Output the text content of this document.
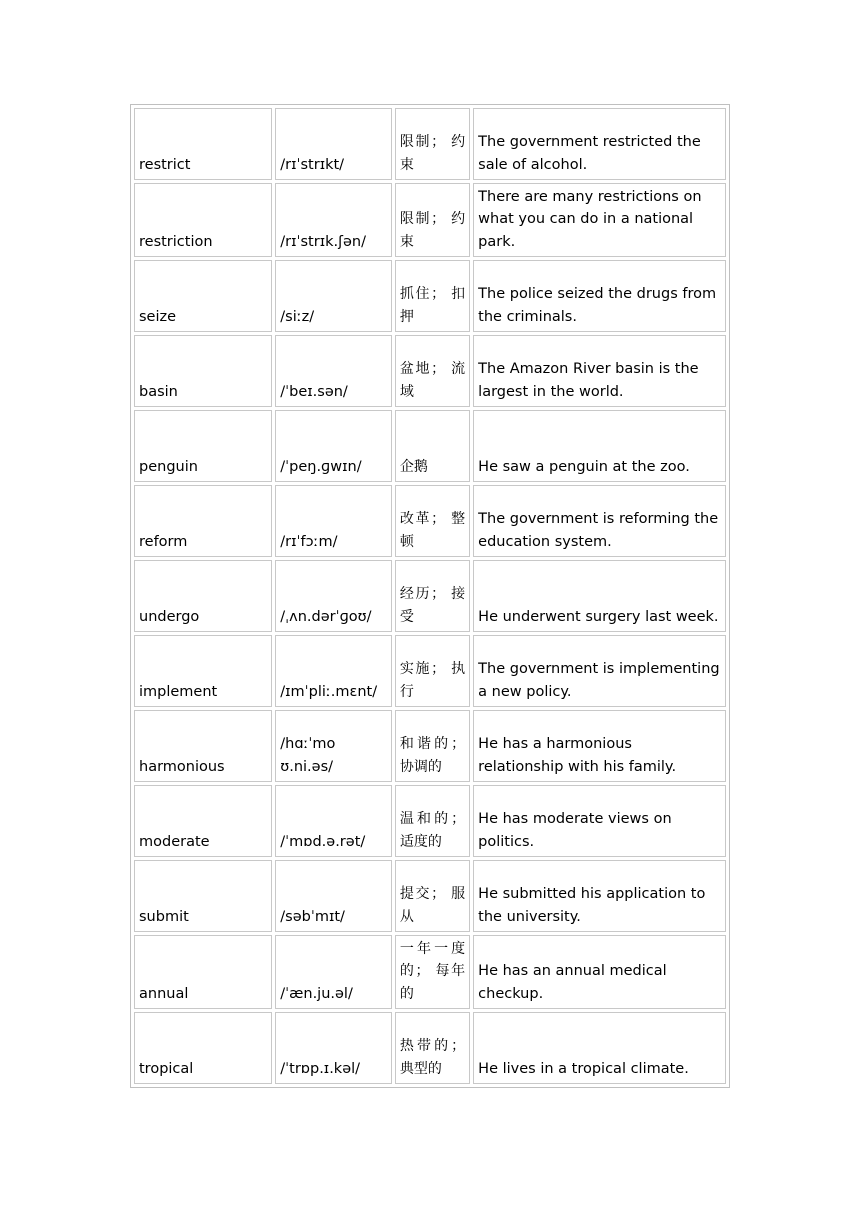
restrict	/rɪˈstrɪkt/	限制； 约束	The government restricted the sale of alcohol.
restriction	/rɪˈstrɪk.ʃən/	限制； 约束	There are many restrictions on what you can do in a national park.
seize	/siːz/	抓住； 扣押	The police seized the drugs from the criminals.
basin	/ˈbeɪ.sən/	盆地； 流域	The Amazon River basin is the largest in the world.
penguin	/ˈpeŋ.ɡwɪn/	企鹅	He saw a penguin at the zoo.
reform	/rɪˈfɔːm/	改革； 整顿	The government is reforming the education system.
undergo	/ˌʌn.dərˈɡoʊ/	经历； 接受	He underwent surgery last week.
implement	/ɪmˈpliː.mɛnt/	实施； 执行	The government is implementing a new policy.
harmonious	/hɑːˈmo ʊ.ni.əs/	和谐的；协调的	He has a harmonious relationship with his family.
moderate	/ˈmɒd.ə.rət/	温和的；适度的	He has moderate views on politics.
submit	/səbˈmɪt/	提交； 服从	He submitted his application to the university.
annual	/ˈæn.ju.əl/	一年一度的； 每年的	He has an annual medical checkup.
tropical	/ˈtrɒp.ɪ.kəl/	热带的；典型的	He lives in a tropical climate.
